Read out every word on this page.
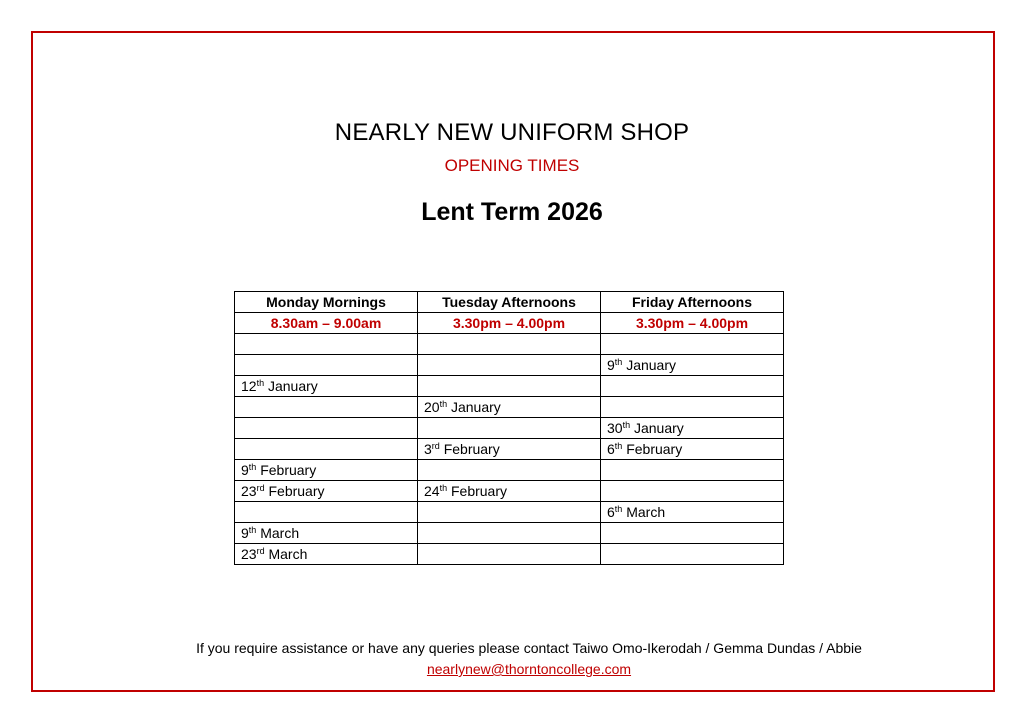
NEARLY NEW UNIFORM SHOP
OPENING TIMES
Lent Term 2026
Monday Mornings	Tuesday Afternoons	Friday Afternoons
8.30am – 9.00am	3.30pm – 4.00pm	3.30pm – 4.00pm

		9th January
12th January		
	20th January	
		30th January
	3rd February	6th February
9th February		
23rd February	24th February	
		6th March
9th March		
23rd March		
If you require assistance or have any queries please contact Taiwo Omo-Ikerodah / Gemma Dundas / Abbie
nearlynew@thorntoncollege.com
